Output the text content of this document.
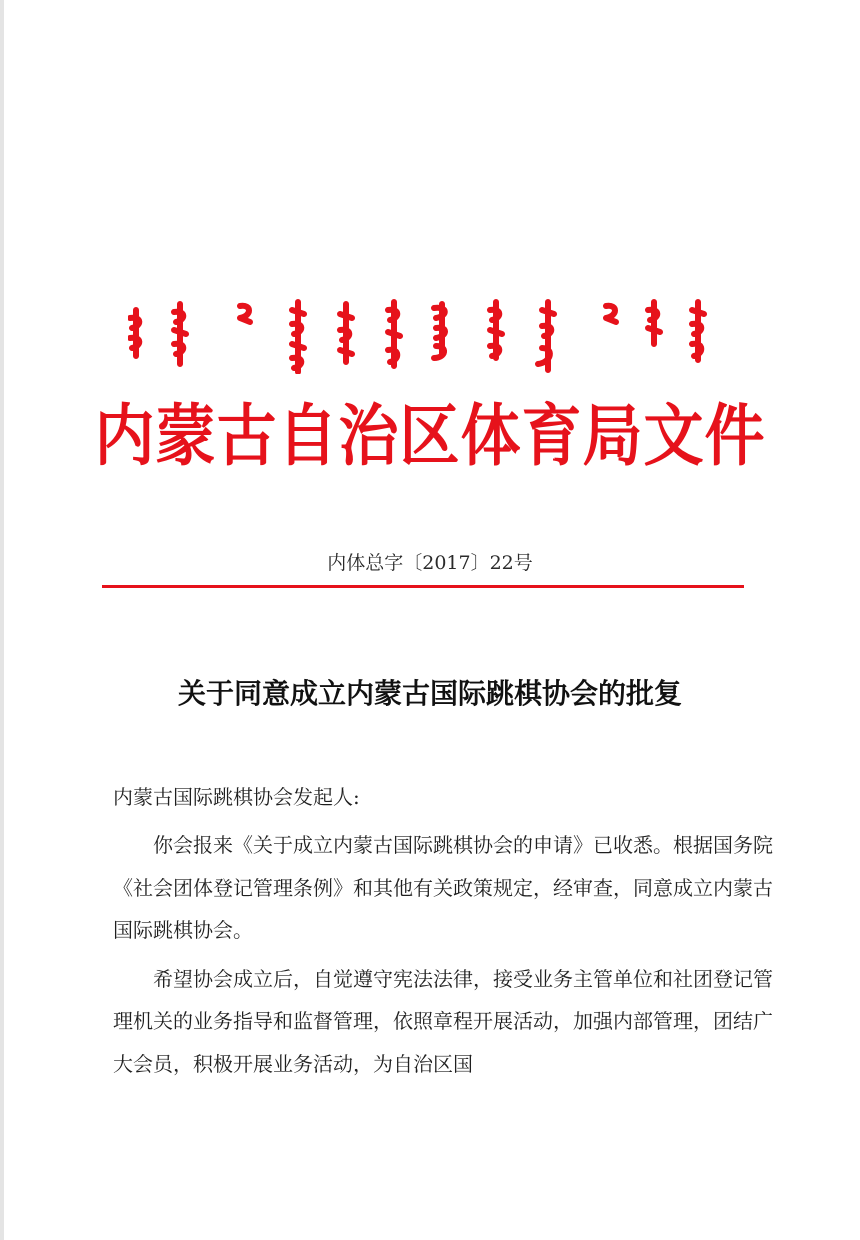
内蒙古自治区体育局文件
内体总字〔2017〕22号
关于同意成立内蒙古国际跳棋协会的批复
内蒙古国际跳棋协会发起人:

你会报来《关于成立内蒙古国际跳棋协会的申请》已收悉。根据国务院《社会团体登记管理条例》和其他有关政策规定，经审查，同意成立内蒙古国际跳棋协会。

希望协会成立后，自觉遵守宪法法律，接受业务主管单位和社团登记管理机关的业务指导和监督管理，依照章程开展活动，加强内部管理，团结广大会员，积极开展业务活动，为自治区国
